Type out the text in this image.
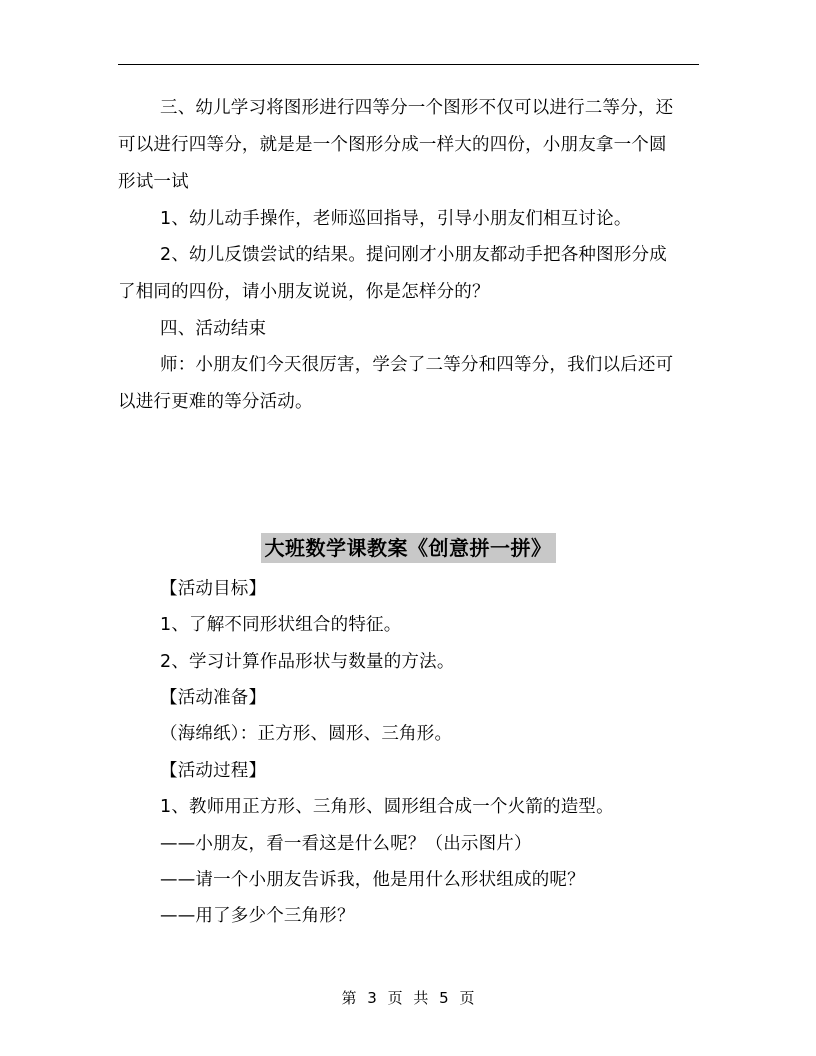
三、幼儿学习将图形进行四等分一个图形不仅可以进行二等分，还
可以进行四等分，就是是一个图形分成一样大的四份，小朋友拿一个圆
形试一试
1、幼儿动手操作，老师巡回指导，引导小朋友们相互讨论。
2、幼儿反馈尝试的结果。提问刚才小朋友都动手把各种图形分成
了相同的四份，请小朋友说说，你是怎样分的？
四、活动结束
师：小朋友们今天很厉害，学会了二等分和四等分，我们以后还可
以进行更难的等分活动。
大班数学课教案《创意拼一拼》
【活动目标】
1、了解不同形状组合的特征。
2、学习计算作品形状与数量的方法。
【活动准备】
（海绵纸）：正方形、圆形、三角形。
【活动过程】
1、教师用正方形、三角形、圆形组合成一个火箭的造型。
——小朋友，看一看这是什么呢？（出示图片）
——请一个小朋友告诉我，他是用什么形状组成的呢？
——用了多少个三角形？
第 3 页 共 5 页
